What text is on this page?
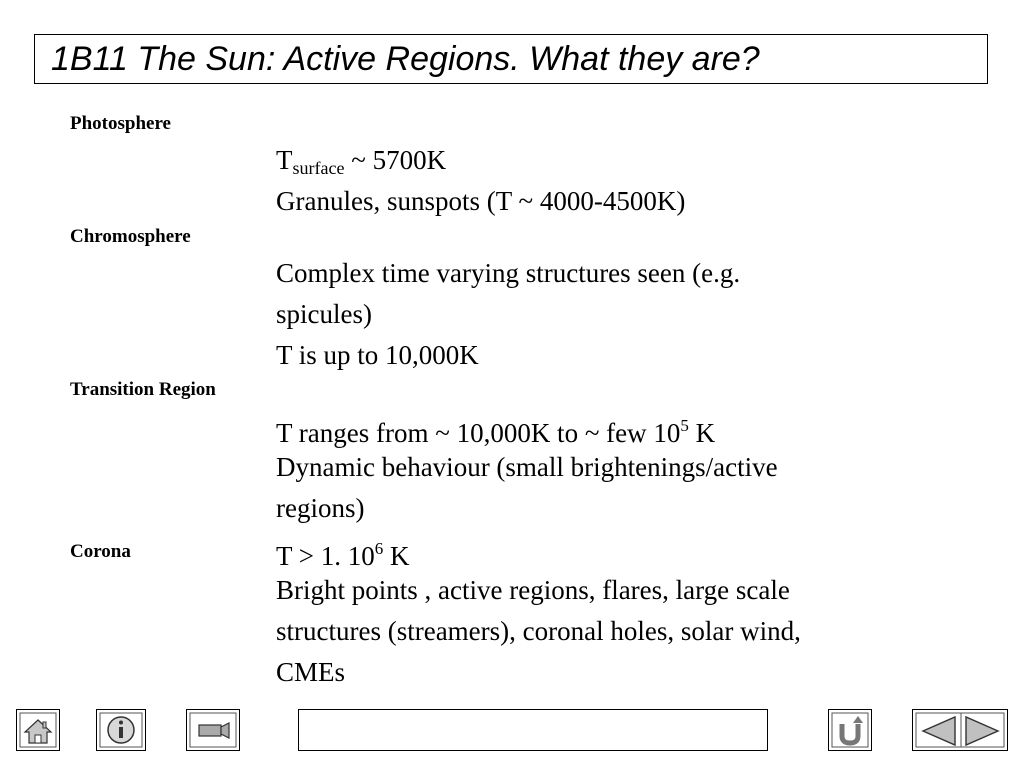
1B11 The Sun: Active Regions. What they are?
Photosphere
$T_{surface}$ ~ 5700K
Granules, sunspots (T ~ 4000-4500K)
Chromosphere
Complex time varying structures seen (e.g.
spicules)
T is up to 10,000K
Transition Region
T ranges from ~ 10,000K to ~ few $10^5$ K
Dynamic behaviour (small brightenings/active
regions)
Corona	T > 1. $10^6$ K
Bright points , active regions, flares, large scale
structures (streamers), coronal holes, solar wind,
CMEs
